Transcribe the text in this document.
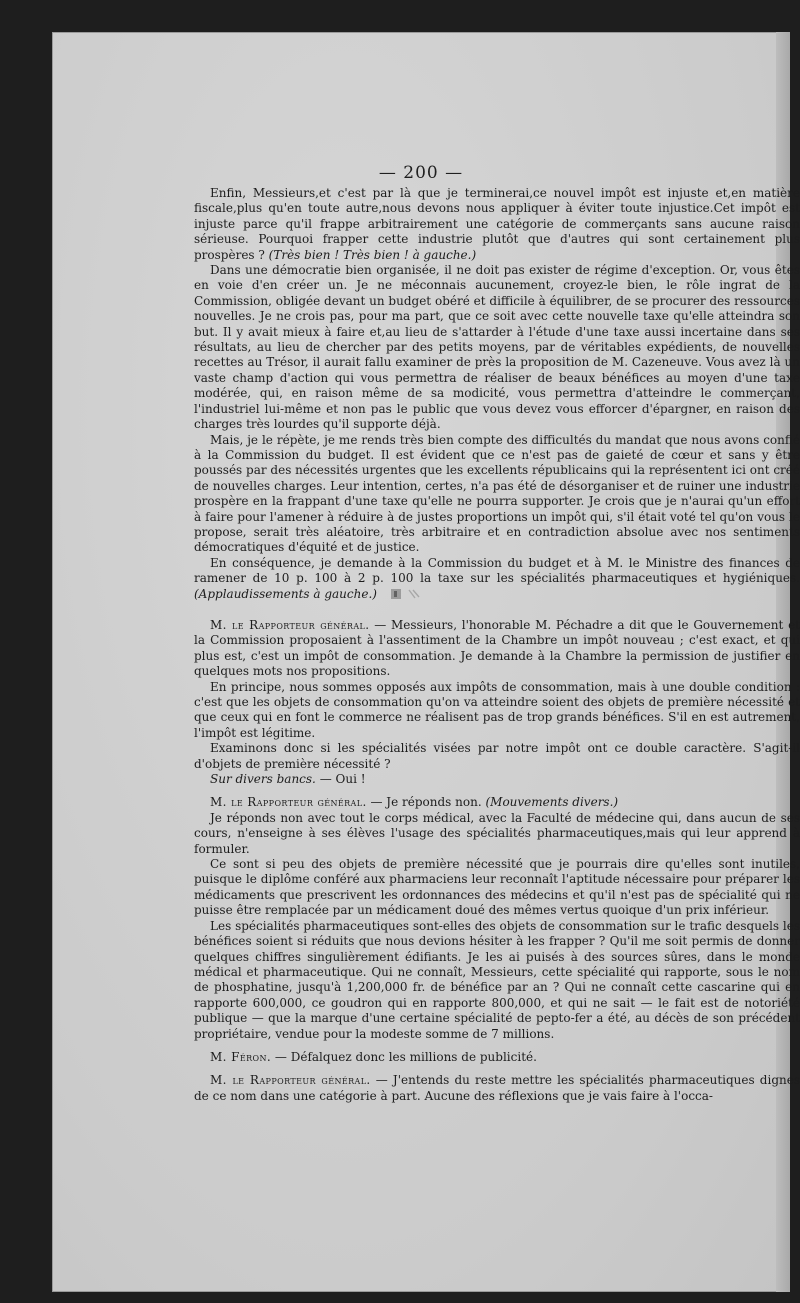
— 200 —

Enfin, Messieurs,et c'est par là que je terminerai,ce nouvel impôt est injuste et,en matière fiscale,plus qu'en toute autre,nous devons nous appliquer à éviter toute injustice.Cet impôt est injuste parce qu'il frappe arbitrairement une catégorie de commerçants sans aucune raison sérieuse. Pourquoi frapper cette industrie plutôt que d'autres qui sont certainement plus prospères ? (Très bien ! Très bien ! à gauche.)

Dans une démocratie bien organisée, il ne doit pas exister de régime d'exception. Or, vous êtes en voie d'en créer un. Je ne méconnais aucunement, croyez-le bien, le rôle ingrat de la Commission, obligée devant un budget obéré et difficile à équilibrer, de se procurer des ressources nouvelles. Je ne crois pas, pour ma part, que ce soit avec cette nouvelle taxe qu'elle atteindra son but. Il y avait mieux à faire et,au lieu de s'attarder à l'étude d'une taxe aussi incertaine dans ses résultats, au lieu de chercher par des petits moyens, par de véritables expédients, de nouvelles recettes au Trésor, il aurait fallu examiner de près la proposition de M. Cazeneuve. Vous avez là un vaste champ d'action qui vous permettra de réaliser de beaux bénéfices au moyen d'une taxe modérée, qui, en raison même de sa modicité, vous permettra d'atteindre le commerçant, l'industriel lui-même et non pas le public que vous devez vous efforcer d'épargner, en raison des charges très lourdes qu'il supporte déjà.

Mais, je le répète, je me rends très bien compte des difficultés du mandat que nous avons confié à la Commission du budget. Il est évident que ce n'est pas de gaieté de cœur et sans y être poussés par des nécessités urgentes que les excellents républicains qui la représentent ici ont créé de nouvelles charges. Leur intention, certes, n'a pas été de désorganiser et de ruiner une industrie prospère en la frappant d'une taxe qu'elle ne pourra supporter. Je crois que je n'aurai qu'un effort à faire pour l'amener à réduire à de justes proportions un impôt qui, s'il était voté tel qu'on vous le propose, serait très aléatoire, très arbitraire et en contradiction absolue avec nos sentiments démocratiques d'équité et de justice.

En conséquence, je demande à la Commission du budget et à M. le Ministre des finances de ramener de 10 p. 100 à 2 p. 100 la taxe sur les spécialités pharmaceutiques et hygiéniques. (Applaudissements à gauche.)

M. le Rapporteur général. — Messieurs, l'honorable M. Péchadre a dit que le Gouvernement et la Commission proposaient à l'assentiment de la Chambre un impôt nouveau ; c'est exact, et qui plus est, c'est un impôt de consommation. Je demande à la Chambre la permission de justifier en quelques mots nos propositions.

En principe, nous sommes opposés aux impôts de consommation, mais à une double condition : c'est que les objets de consommation qu'on va atteindre soient des objets de première nécessité et que ceux qui en font le commerce ne réalisent pas de trop grands bénéfices. S'il en est autrement, l'impôt est légitime.

Examinons donc si les spécialités visées par notre impôt ont ce double caractère. S'agit-il d'objets de première nécessité ?

Sur divers bancs. — Oui !

M. le Rapporteur général. — Je réponds non. (Mouvements divers.)

Je réponds non avec tout le corps médical, avec la Faculté de médecine qui, dans aucun de ses cours, n'enseigne à ses élèves l'usage des spécialités pharmaceutiques,mais qui leur apprend à formuler.

Ce sont si peu des objets de première nécessité que je pourrais dire qu'elles sont inutiles, puisque le diplôme conféré aux pharmaciens leur reconnaît l'aptitude nécessaire pour préparer les médicaments que prescrivent les ordonnances des médecins et qu'il n'est pas de spécialité qui ne puisse être remplacée par un médicament doué des mêmes vertus quoique d'un prix inférieur.

Les spécialités pharmaceutiques sont-elles des objets de consommation sur le trafic desquels les bénéfices soient si réduits que nous devions hésiter à les frapper ? Qu'il me soit permis de donner quelques chiffres singulièrement édifiants. Je les ai puisés à des sources sûres, dans le monde médical et pharmaceutique. Qui ne connaît, Messieurs, cette spécialité qui rapporte, sous le nom de phosphatine, jusqu'à 1,200,000 fr. de bénéfice par an ? Qui ne connaît cette cascarine qui en rapporte 600,000, ce goudron qui en rapporte 800,000, et qui ne sait — le fait est de notoriété publique — que la marque d'une certaine spécialité de pepto-fer a été, au décès de son précédent propriétaire, vendue pour la modeste somme de 7 millions.

M. Féron. — Défalquez donc les millions de publicité.

M. le Rapporteur général. — J'entends du reste mettre les spécialités pharmaceutiques dignes de ce nom dans une catégorie à part. Aucune des réflexions que je vais faire à l'occa-
